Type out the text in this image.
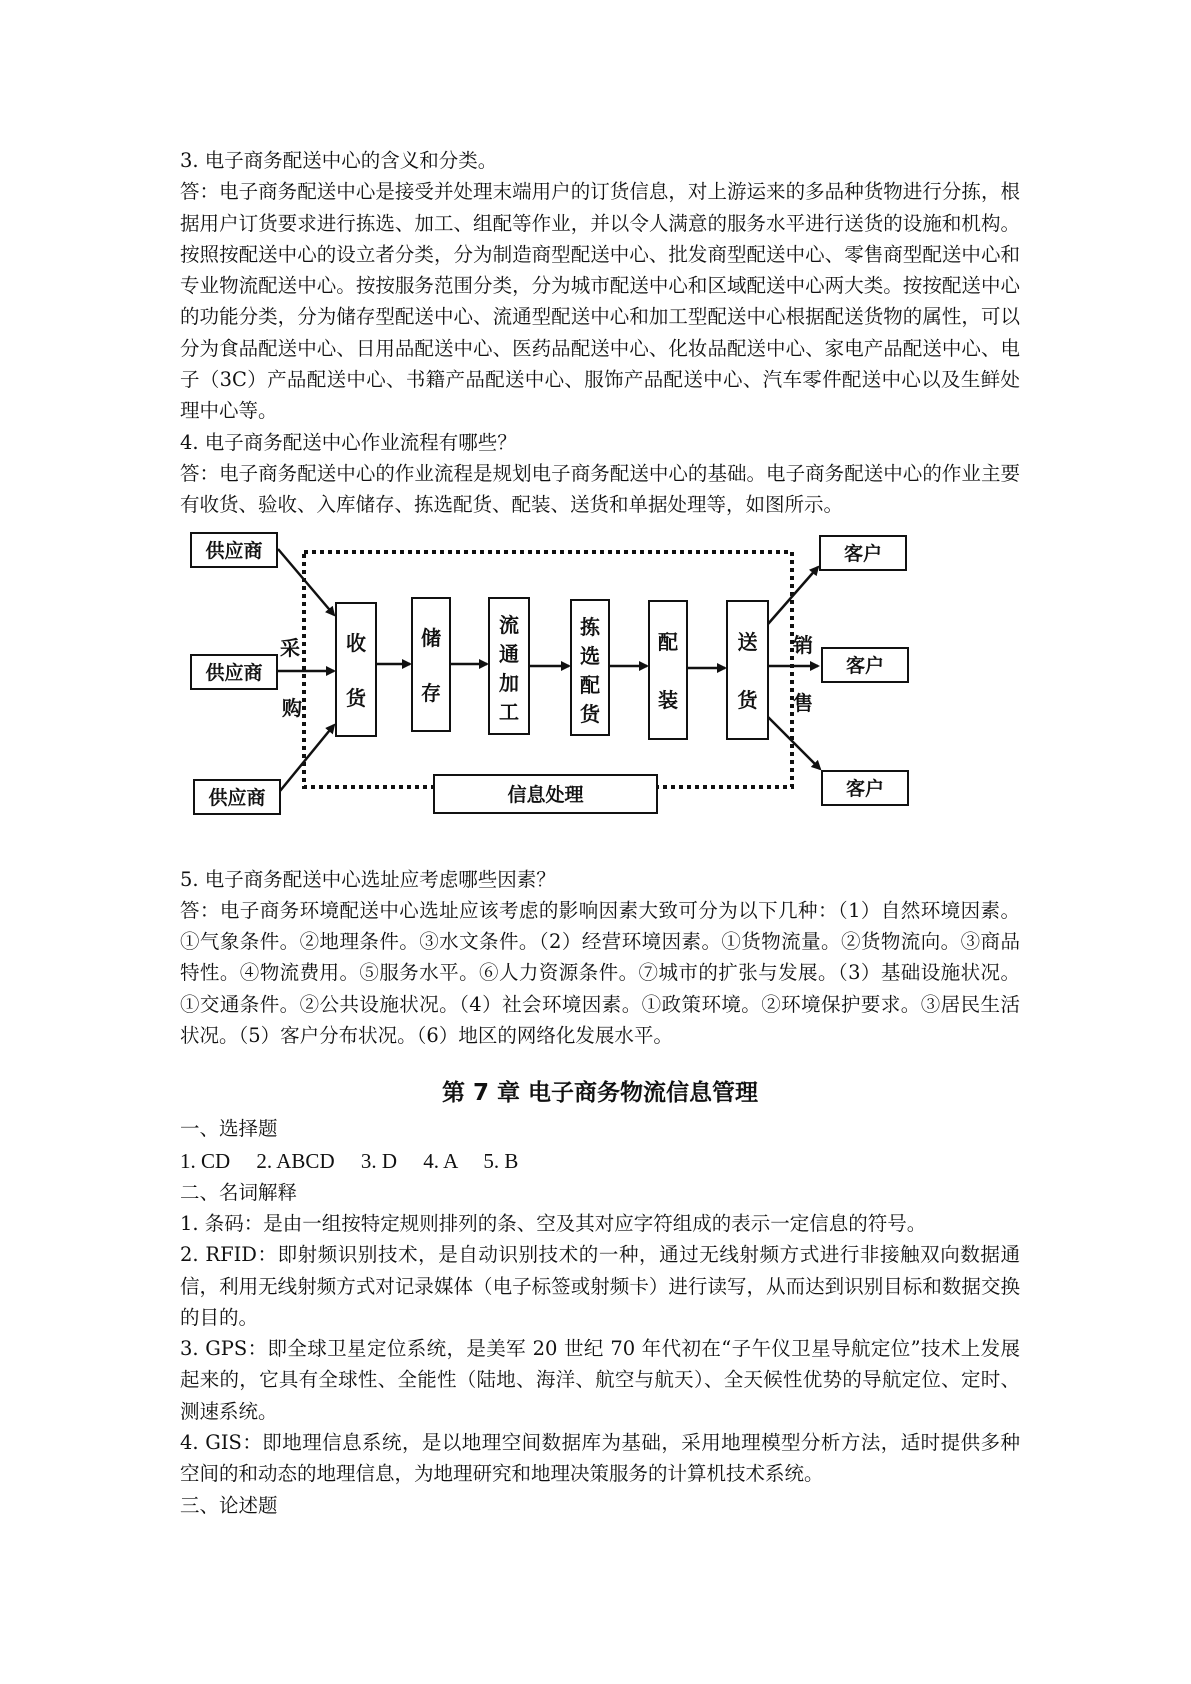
3. 电子商务配送中心的含义和分类。

答：电子商务配送中心是接受并处理末端用户的订货信息，对上游运来的多品种货物进行分拣，根据用户订货要求进行拣选、加工、组配等作业，并以令人满意的服务水平进行送货的设施和机构。按照按配送中心的设立者分类，分为制造商型配送中心、批发商型配送中心、零售商型配送中心和专业物流配送中心。按按服务范围分类，分为城市配送中心和区域配送中心两大类。按按配送中心的功能分类，分为储存型配送中心、流通型配送中心和加工型配送中心根据配送货物的属性，可以分为食品配送中心、日用品配送中心、医药品配送中心、化妆品配送中心、家电产品配送中心、电子（3C）产品配送中心、书籍产品配送中心、服饰产品配送中心、汽车零件配送中心以及生鲜处理中心等。

4. 电子商务配送中心作业流程有哪些？

答：电子商务配送中心的作业流程是规划电子商务配送中心的基础。电子商务配送中心的作业主要有收货、验收、入库储存、拣选配货、配装、送货和单据处理等，如图所示。

供应商
供应商
供应商
采
购
收
货
储
存
流
通
加
工
拣
选
配
货
配
装
送
货
销
售
客户
客户
客户
信息处理

5. 电子商务配送中心选址应考虑哪些因素？

答：电子商务环境配送中心选址应该考虑的影响因素大致可分为以下几种：（1）自然环境因素。①气象条件。②地理条件。③水文条件。（2）经营环境因素。①货物流量。②货物流向。③商品特性。④物流费用。⑤服务水平。⑥人力资源条件。⑦城市的扩张与发展。（3）基础设施状况。①交通条件。②公共设施状况。（4）社会环境因素。①政策环境。②环境保护要求。③居民生活状况。（5）客户分布状况。（6）地区的网络化发展水平。

第 7 章 电子商务物流信息管理

一、选择题

1. CD     2. ABCD     3. D     4. A     5. B

二、名词解释

1. 条码：是由一组按特定规则排列的条、空及其对应字符组成的表示一定信息的符号。

2. RFID：即射频识别技术，是自动识别技术的一种，通过无线射频方式进行非接触双向数据通信，利用无线射频方式对记录媒体（电子标签或射频卡）进行读写，从而达到识别目标和数据交换的目的。

3. GPS：即全球卫星定位系统，是美军 20 世纪 70 年代初在“子午仪卫星导航定位”技术上发展起来的，它具有全球性、全能性（陆地、海洋、航空与航天）、全天候性优势的导航定位、定时、测速系统。

4. GIS：即地理信息系统，是以地理空间数据库为基础，采用地理模型分析方法，适时提供多种空间的和动态的地理信息，为地理研究和地理决策服务的计算机技术系统。

三、论述题
